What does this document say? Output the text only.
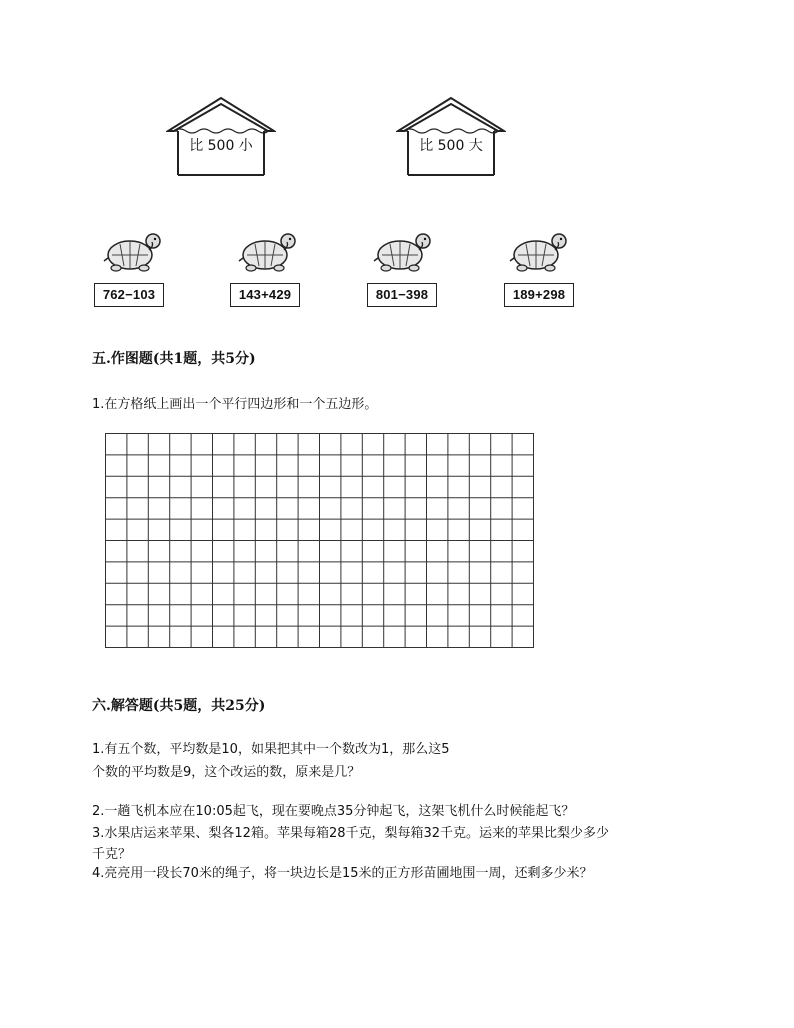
比 500 小	比 500 大
762−103	143+429	801−398	189+298
五.作图题(共1题，共5分)
1.在方格纸上画出一个平行四边形和一个五边形。
六.解答题(共5题，共25分)
1.有五个数，平均数是10，如果把其中一个数改为1，那么这5
个数的平均数是9，这个改运的数，原来是几？
2.一趟飞机本应在10:05起飞，现在要晚点35分钟起飞，这架飞机什么时候能起飞？
3.水果店运来苹果、梨各12箱。苹果每箱28千克，梨每箱32千克。运来的苹果比梨少多少
千克？
4.亮亮用一段长70米的绳子，将一块边长是15米的正方形苗圃地围一周，还剩多少米？
